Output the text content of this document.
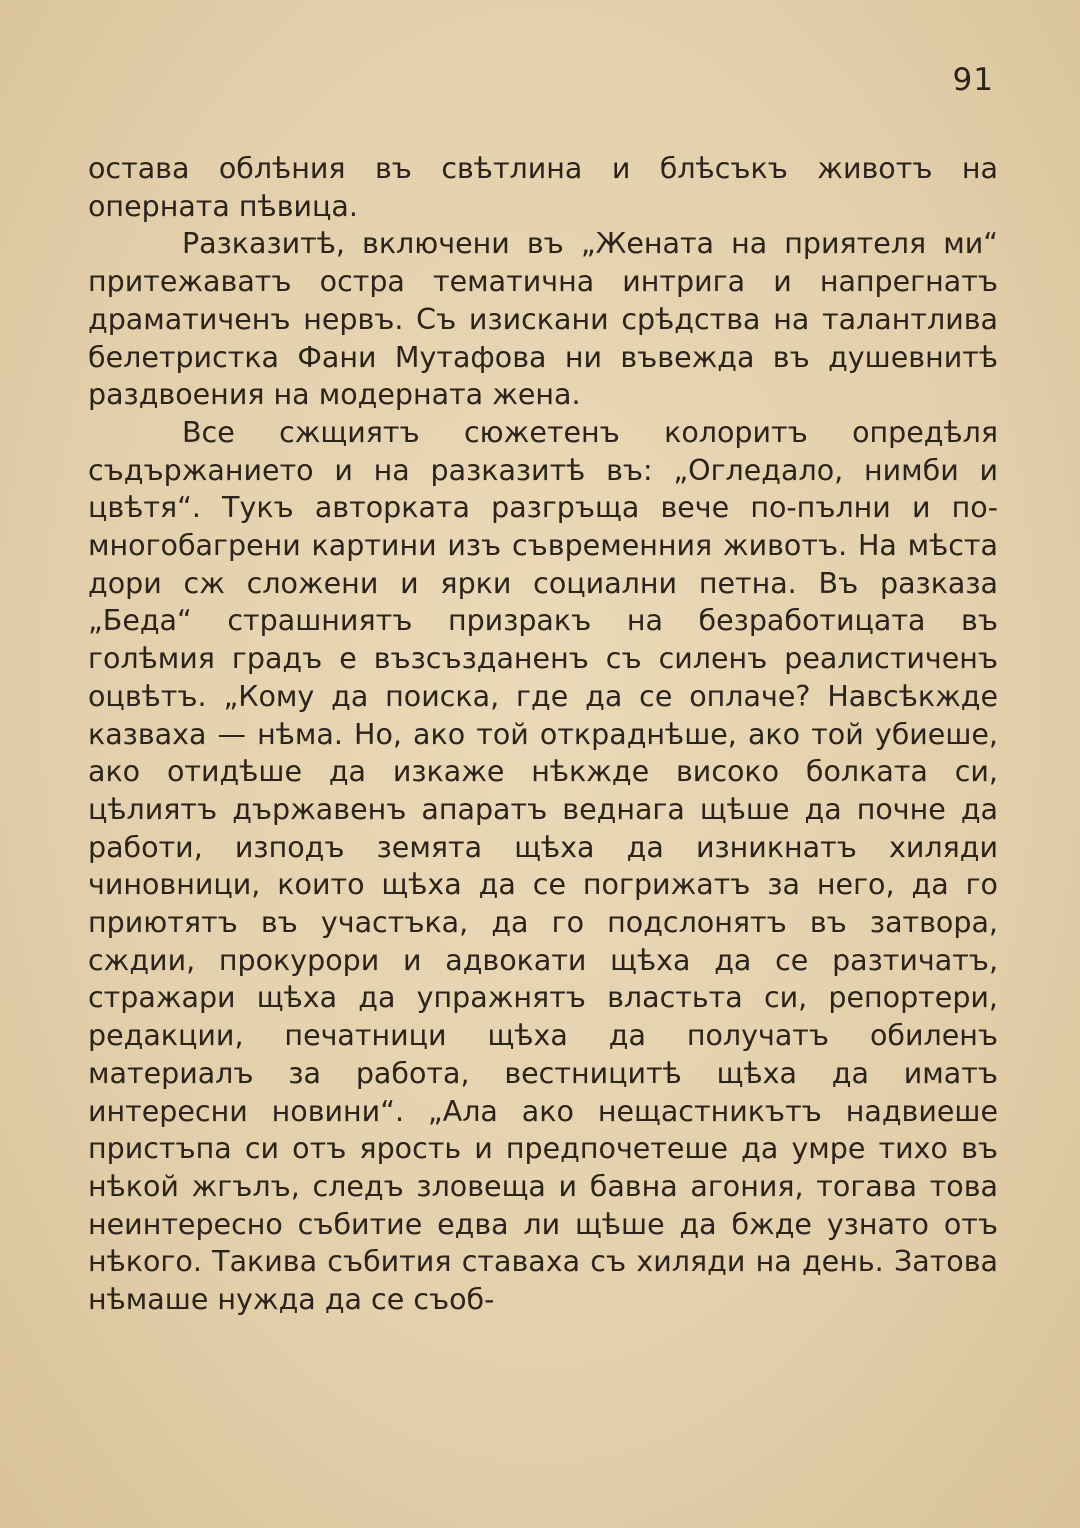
91

остава облѣния въ свѣтлина и блѣсъкъ животъ на оперната пѣвица.

Разказитѣ, включени въ „Жената на приятеля ми“ притежаватъ остра тематична интрига и напрегнатъ драматиченъ нервъ. Съ изискани срѣдства на талантлива белетристка Фани Мутафова ни въвежда въ душевнитѣ раздвоения на модерната жена.

Все сжщиятъ сюжетенъ колоритъ опредѣля съдържанието и на разказитѣ въ: „Огледало, нимби и цвѣтя“. Тукъ авторката разгръща вече по-пълни и по-многобагрени картини изъ съвременния животъ. На мѣста дори сж сложени и ярки социални петна. Въ разказа „Беда“ страшниятъ призракъ на безработицата въ голѣмия градъ е възсъзданенъ съ силенъ реалистиченъ оцвѣтъ. „Кому да поиска, где да се оплаче? Навсѣкжде казваха — нѣма. Но, ако той откраднѣше, ако той убиеше, ако отидѣше да изкаже нѣкжде високо болката си, цѣлиятъ държавенъ апаратъ веднага щѣше да почне да работи, изподъ земята щѣха да изникнатъ хиляди чиновници, които щѣха да се погрижатъ за него, да го приютятъ въ участъка, да го подслонятъ въ затвора, сждии, прокурори и адвокати щѣха да се разтичатъ, стражари щѣха да упражнятъ властьта си, репортери, редакции, печатници щѣха да получатъ обиленъ материалъ за работа, вестницитѣ щѣха да иматъ интересни новини“. „Ала ако нещастникътъ надвиеше пристъпа си отъ ярость и предпочетеше да умре тихо въ нѣкой жгълъ, следъ зловеща и бавна агония, тогава това неинтересно събитие едва ли щѣше да бжде узнато отъ нѣкого. Такива събития ставаха съ хиляди на день. Затова нѣмаше нужда да се съоб-
